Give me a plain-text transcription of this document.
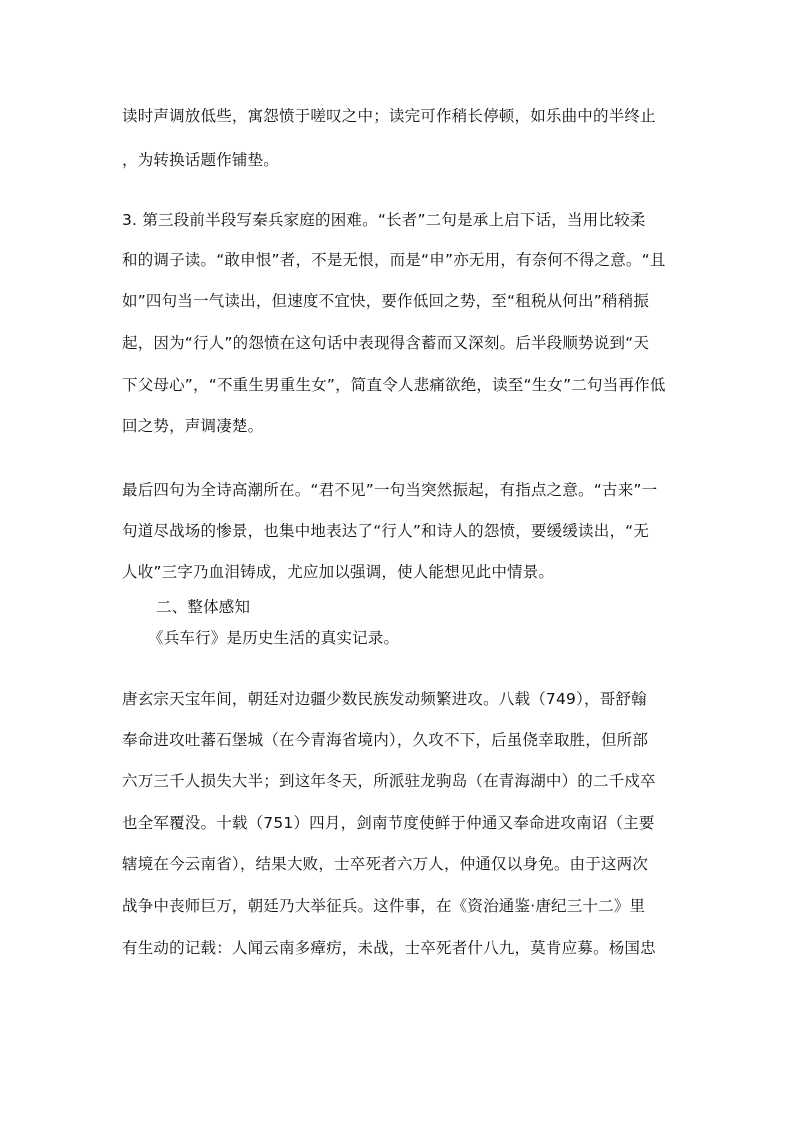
读时声调放低些，寓怨愤于嗟叹之中；读完可作稍长停顿，如乐曲中的半终止
，为转换话题作铺垫。
3. 第三段前半段写秦兵家庭的困难。“长者”二句是承上启下话，当用比较柔
和的调子读。“敢申恨”者，不是无恨，而是“申”亦无用，有奈何不得之意。“且
如”四句当一气读出，但速度不宜快，要作低回之势，至“租税从何出”稍稍振
起，因为“行人”的怨愤在这句话中表现得含蓄而又深刻。后半段顺势说到“天
下父母心”，“不重生男重生女”，简直令人悲痛欲绝，读至“生女”二句当再作低
回之势，声调凄楚。
最后四句为全诗高潮所在。“君不见”一句当突然振起，有指点之意。“古来”一
句道尽战场的惨景，也集中地表达了“行人”和诗人的怨愤，要缓缓读出，“无
人收”三字乃血泪铸成，尤应加以强调，使人能想见此中情景。
二、整体感知
《兵车行》是历史生活的真实记录。
唐玄宗天宝年间，朝廷对边疆少数民族发动频繁进攻。八载（749），哥舒翰
奉命进攻吐蕃石堡城（在今青海省境内），久攻不下，后虽侥幸取胜，但所部
六万三千人损失大半；到这年冬天，所派驻龙驹岛（在青海湖中）的二千戍卒
也全军覆没。十载（751）四月，剑南节度使鲜于仲通又奉命进攻南诏（主要
辖境在今云南省），结果大败，士卒死者六万人，仲通仅以身免。由于这两次
战争中丧师巨万，朝廷乃大举征兵。这件事，在《资治通鉴·唐纪三十二》里
有生动的记载：人闻云南多瘴疠，未战，士卒死者什八九，莫肯应募。杨国忠
